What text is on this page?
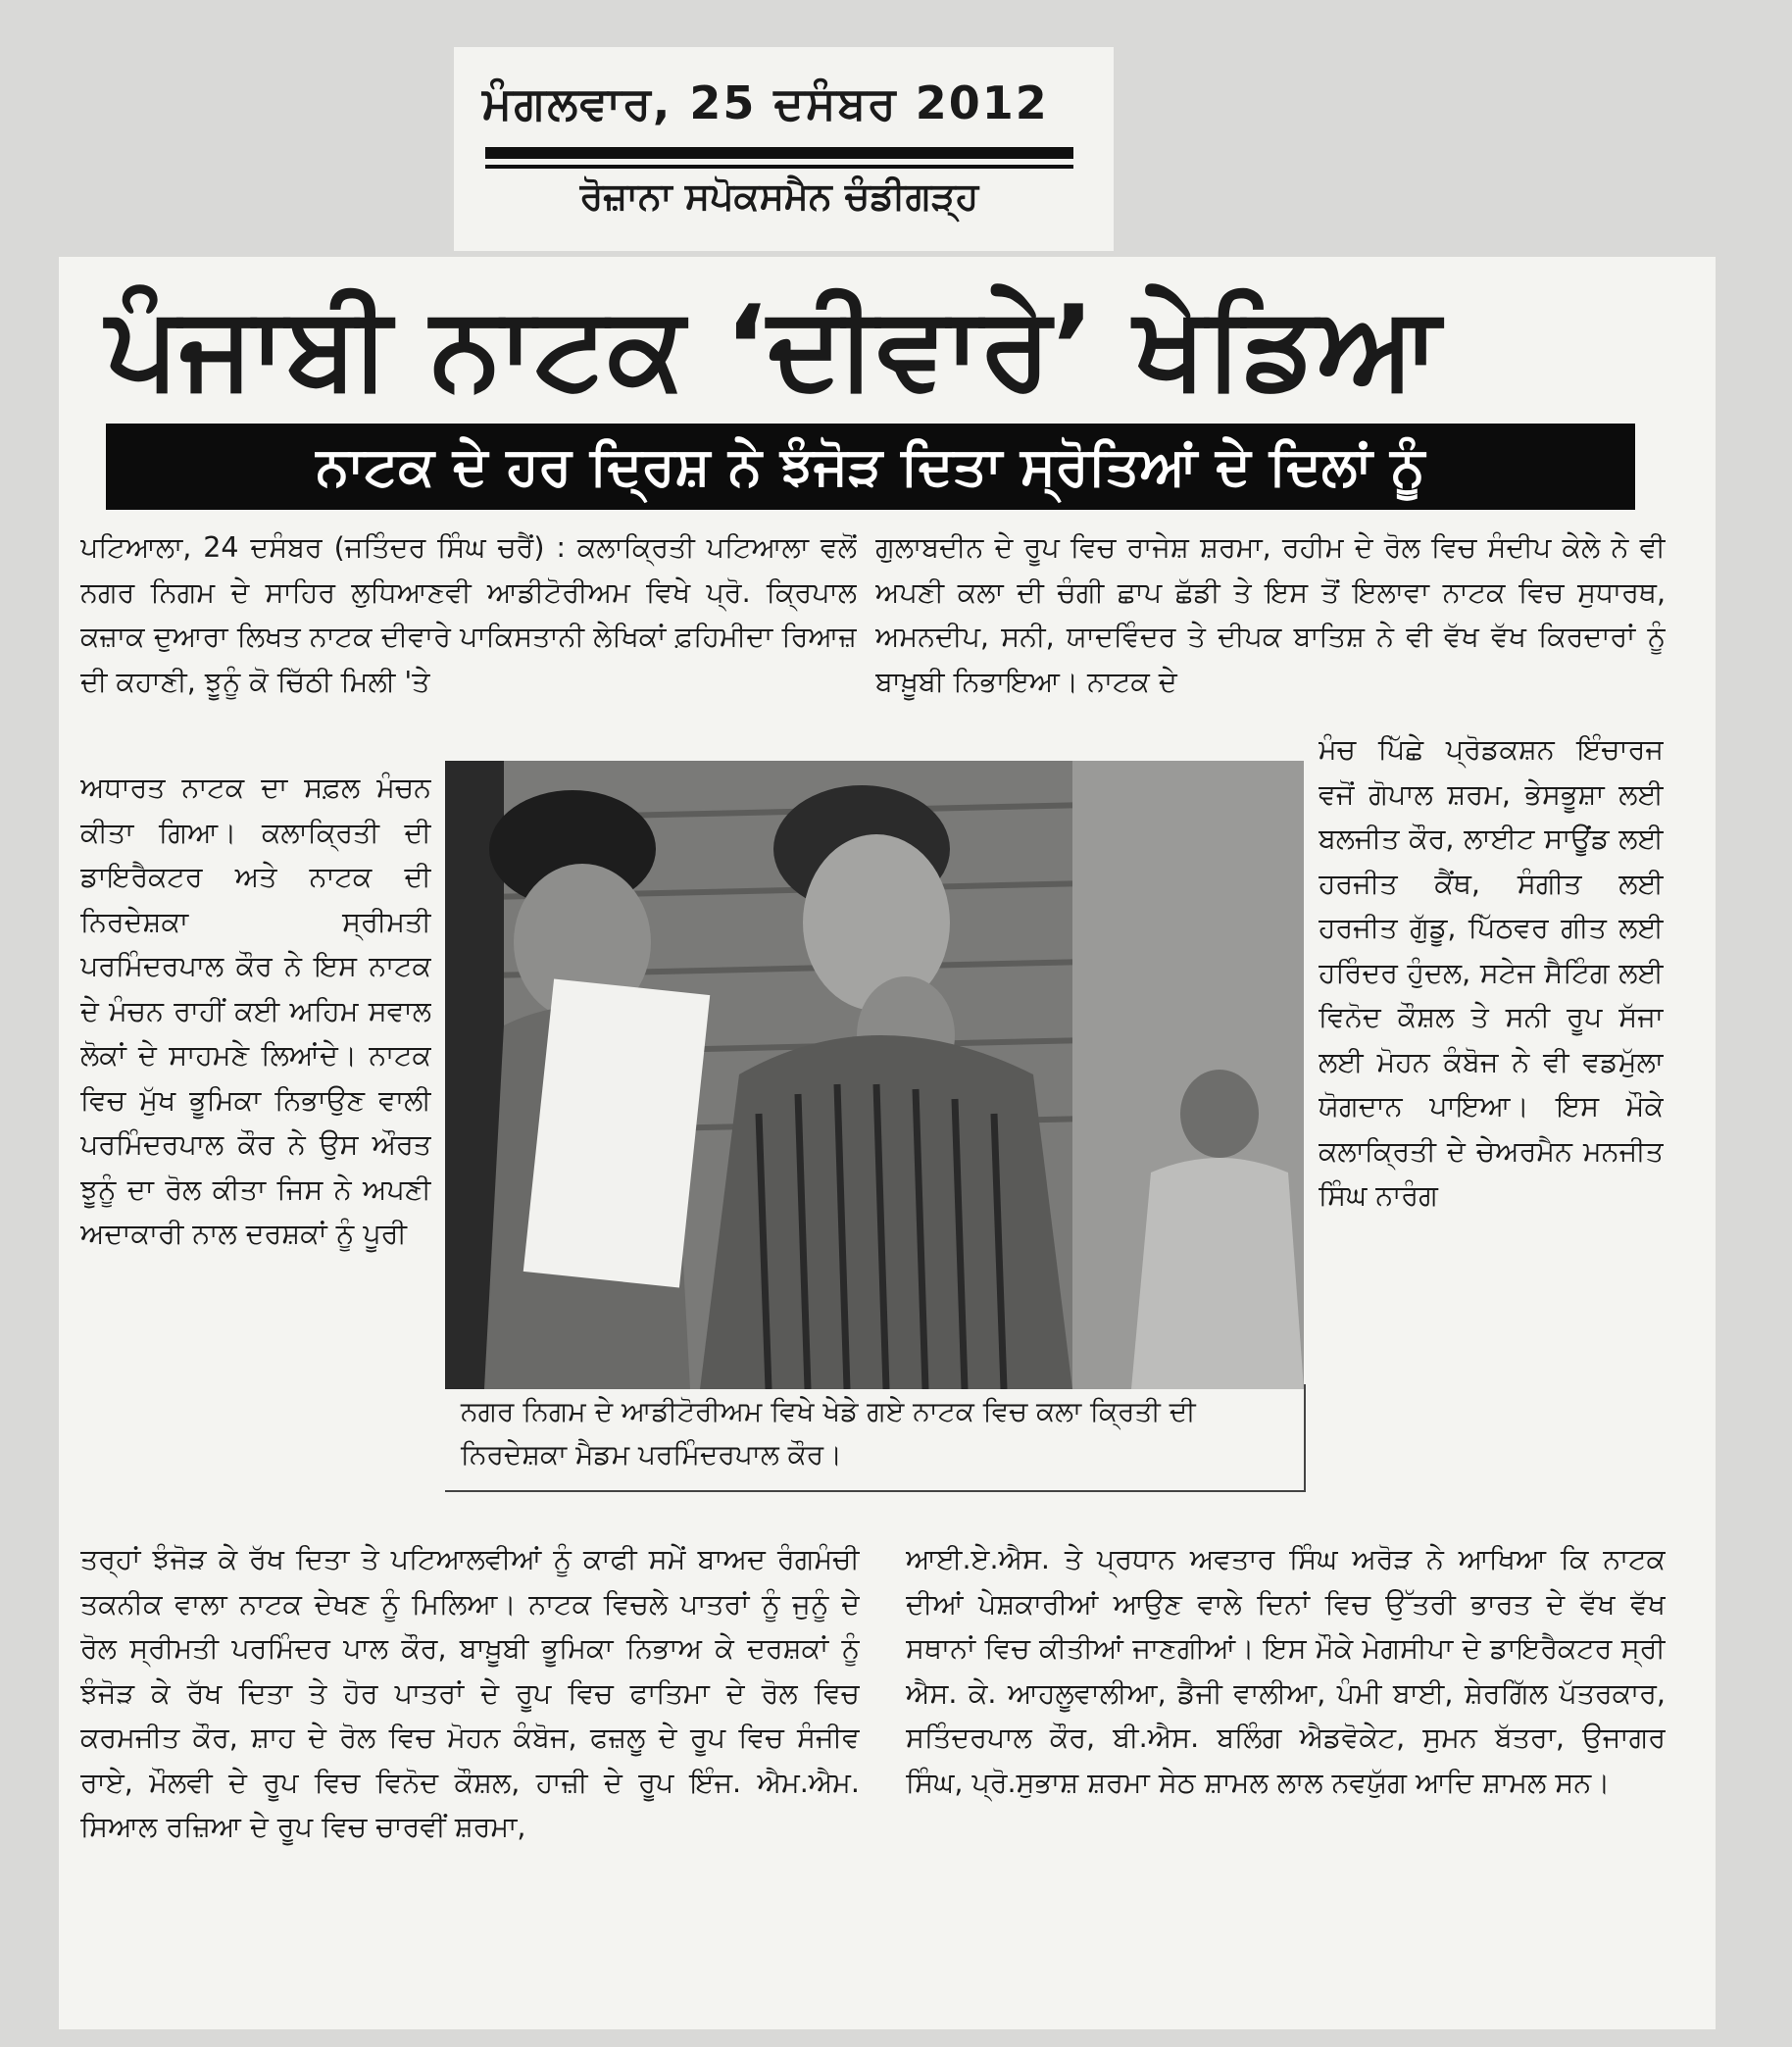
ਮੰਗਲਵਾਰ, 25 ਦਸੰਬਰ 2012
ਰੋਜ਼ਾਨਾ ਸਪੋਕਸਮੈਨ ਚੰਡੀਗੜ੍ਹ
ਪੰਜਾਬੀ ਨਾਟਕ ‘ਦੀਵਾਰੇ’ ਖੇਡਿਆ
ਨਾਟਕ ਦੇ ਹਰ ਦ੍ਰਿਸ਼ ਨੇ ਝੰਜੋੜ ਦਿਤਾ ਸ੍ਰੋਤਿਆਂ ਦੇ ਦਿਲਾਂ ਨੂੰ
ਪਟਿਆਲਾ, 24 ਦਸੰਬਰ (ਜਤਿੰਦਰ ਸਿੰਘ ਚਰੈਂ) : ਕਲਾਕ੍ਰਿਤੀ ਪਟਿਆਲਾ ਵਲੋਂ ਨਗਰ ਨਿਗਮ ਦੇ ਸਾਹਿਰ ਲੁਧਿਆਣਵੀ ਆਡੀਟੋਰੀਅਮ ਵਿਖੇ ਪ੍ਰੋ. ਕ੍ਰਿਪਾਲ ਕਜ਼ਾਕ ਦੁਆਰਾ ਲਿਖਤ ਨਾਟਕ ਦੀਵਾਰੇ ਪਾਕਿਸਤਾਨੀ ਲੇਖਿਕਾਂ ਫ਼ਹਿਮੀਦਾ ਰਿਆਜ਼ ਦੀ ਕਹਾਣੀ, ਝੂਨੂੰ ਕੋ ਚਿੱਠੀ ਮਿਲੀ 'ਤੇ
ਗੁਲਾਬਦੀਨ ਦੇ ਰੂਪ ਵਿਚ ਰਾਜੇਸ਼ ਸ਼ਰਮਾ, ਰਹੀਮ ਦੇ ਰੋਲ ਵਿਚ ਸੰਦੀਪ ਕੇਲੇ ਨੇ ਵੀ ਅਪਣੀ ਕਲਾ ਦੀ ਚੰਗੀ ਛਾਪ ਛੱਡੀ ਤੇ ਇਸ ਤੋਂ ਇਲਾਵਾ ਨਾਟਕ ਵਿਚ ਸੁਧਾਰਥ, ਅਮਨਦੀਪ, ਸਨੀ, ਯਾਦਵਿੰਦਰ ਤੇ ਦੀਪਕ ਬਾਤਿਸ਼ ਨੇ ਵੀ ਵੱਖ ਵੱਖ ਕਿਰਦਾਰਾਂ ਨੂੰ ਬਾਖ਼ੂਬੀ ਨਿਭਾਇਆ। ਨਾਟਕ ਦੇ
ਅਧਾਰਤ ਨਾਟਕ ਦਾ ਸਫ਼ਲ ਮੰਚਨ ਕੀਤਾ ਗਿਆ। ਕਲਾਕ੍ਰਿਤੀ ਦੀ ਡਾਇਰੈਕਟਰ ਅਤੇ ਨਾਟਕ ਦੀ ਨਿਰਦੇਸ਼ਕਾ ਸ੍ਰੀਮਤੀ ਪਰਮਿੰਦਰਪਾਲ ਕੌਰ ਨੇ ਇਸ ਨਾਟਕ ਦੇ ਮੰਚਨ ਰਾਹੀਂ ਕਈ ਅਹਿਮ ਸਵਾਲ ਲੋਕਾਂ ਦੇ ਸਾਹਮਣੇ ਲਿਆਂਦੇ। ਨਾਟਕ ਵਿਚ ਮੁੱਖ ਭੂਮਿਕਾ ਨਿਭਾਉਣ ਵਾਲੀ ਪਰਮਿੰਦਰਪਾਲ ਕੌਰ ਨੇ ਉਸ ਔਰਤ ਝੂਨੂੰ ਦਾ ਰੋਲ ਕੀਤਾ ਜਿਸ ਨੇ ਅਪਣੀ ਅਦਾਕਾਰੀ ਨਾਲ ਦਰਸ਼ਕਾਂ ਨੂੰ ਪੂਰੀ
ਮੰਚ ਪਿੱਛੇ ਪ੍ਰੋਡਕਸ਼ਨ ਇੰਚਾਰਜ ਵਜੋਂ ਗੋਪਾਲ ਸ਼ਰਮ, ਭੇਸਭੂਸ਼ਾ ਲਈ ਬਲਜੀਤ ਕੌਰ, ਲਾਈਟ ਸਾਊਂਡ ਲਈ ਹਰਜੀਤ ਕੈਂਥ, ਸੰਗੀਤ ਲਈ ਹਰਜੀਤ ਗੁੱਡੂ, ਪਿੱਠਵਰ ਗੀਤ ਲਈ ਹਰਿੰਦਰ ਹੁੰਦਲ, ਸਟੇਜ ਸੈਟਿੰਗ ਲਈ ਵਿਨੋਦ ਕੌਸ਼ਲ ਤੇ ਸਨੀ ਰੂਪ ਸੱਜਾ ਲਈ ਮੋਹਨ ਕੰਬੋਜ ਨੇ ਵੀ ਵਡਮੁੱਲਾ ਯੋਗਦਾਨ ਪਾਇਆ। ਇਸ ਮੌਕੇ ਕਲਾਕ੍ਰਿਤੀ ਦੇ ਚੇਅਰਮੈਨ ਮਨਜੀਤ ਸਿੰਘ ਨਾਰੰਗ
ਨਗਰ ਨਿਗਮ ਦੇ ਆਡੀਟੋਰੀਅਮ ਵਿਖੇ ਖੇਡੇ ਗਏ ਨਾਟਕ ਵਿਚ ਕਲਾ ਕ੍ਰਿਤੀ ਦੀ ਨਿਰਦੇਸ਼ਕਾ ਮੈਡਮ ਪਰਮਿੰਦਰਪਾਲ ਕੌਰ।
ਤਰ੍ਹਾਂ ਝੰਜੋੜ ਕੇ ਰੱਖ ਦਿਤਾ ਤੇ ਪਟਿਆਲਵੀਆਂ ਨੂੰ ਕਾਫੀ ਸਮੇਂ ਬਾਅਦ ਰੰਗਮੰਚੀ ਤਕਨੀਕ ਵਾਲਾ ਨਾਟਕ ਦੇਖਣ ਨੂੰ ਮਿਲਿਆ। ਨਾਟਕ ਵਿਚਲੇ ਪਾਤਰਾਂ ਨੂੰ ਜੁਨੂੰ ਦੇ ਰੋਲ ਸ੍ਰੀਮਤੀ ਪਰਮਿੰਦਰ ਪਾਲ ਕੌਰ, ਬਾਖ਼ੂਬੀ ਭੂਮਿਕਾ ਨਿਭਾਅ ਕੇ ਦਰਸ਼ਕਾਂ ਨੂੰ ਝੰਜੋੜ ਕੇ ਰੱਖ ਦਿਤਾ ਤੇ ਹੋਰ ਪਾਤਰਾਂ ਦੇ ਰੂਪ ਵਿਚ ਫਾਤਿਮਾ ਦੇ ਰੋਲ ਵਿਚ ਕਰਮਜੀਤ ਕੌਰ, ਸ਼ਾਹ ਦੇ ਰੋਲ ਵਿਚ ਮੋਹਨ ਕੰਬੋਜ, ਫਜ਼ਲੂ ਦੇ ਰੂਪ ਵਿਚ ਸੰਜੀਵ ਰਾਏ, ਮੌਲਵੀ ਦੇ ਰੂਪ ਵਿਚ ਵਿਨੋਦ ਕੌਸ਼ਲ, ਹਾਜ਼ੀ ਦੇ ਰੂਪ ਇੰਜ. ਐਮ.ਐਮ. ਸਿਆਲ ਰਜ਼ਿਆ ਦੇ ਰੂਪ ਵਿਚ ਚਾਰਵੀਂ ਸ਼ਰਮਾ,
ਆਈ.ਏ.ਐਸ. ਤੇ ਪ੍ਰਧਾਨ ਅਵਤਾਰ ਸਿੰਘ ਅਰੋੜ ਨੇ ਆਖਿਆ ਕਿ ਨਾਟਕ ਦੀਆਂ ਪੇਸ਼ਕਾਰੀਆਂ ਆਉਣ ਵਾਲੇ ਦਿਨਾਂ ਵਿਚ ਉੱਤਰੀ ਭਾਰਤ ਦੇ ਵੱਖ ਵੱਖ ਸਥਾਨਾਂ ਵਿਚ ਕੀਤੀਆਂ ਜਾਣਗੀਆਂ। ਇਸ ਮੌਕੇ ਮੇਗਸੀਪਾ ਦੇ ਡਾਇਰੈਕਟਰ ਸ੍ਰੀ ਐਸ. ਕੇ. ਆਹਲੂਵਾਲੀਆ, ਡੈਜੀ ਵਾਲੀਆ, ਪੰਮੀ ਬਾਈ, ਸ਼ੇਰਗਿੱਲ ਪੱਤਰਕਾਰ, ਸਤਿੰਦਰਪਾਲ ਕੌਰ, ਬੀ.ਐਸ. ਬਲਿੰਗ ਐਡਵੋਕੇਟ, ਸੁਮਨ ਬੱਤਰਾ, ਉਜਾਗਰ ਸਿੰਘ, ਪ੍ਰੋ.ਸੁਭਾਸ਼ ਸ਼ਰਮਾ ਸੇਠ ਸ਼ਾਮਲ ਲਾਲ ਨਵਯੁੱਗ ਆਦਿ ਸ਼ਾਮਲ ਸਨ।
